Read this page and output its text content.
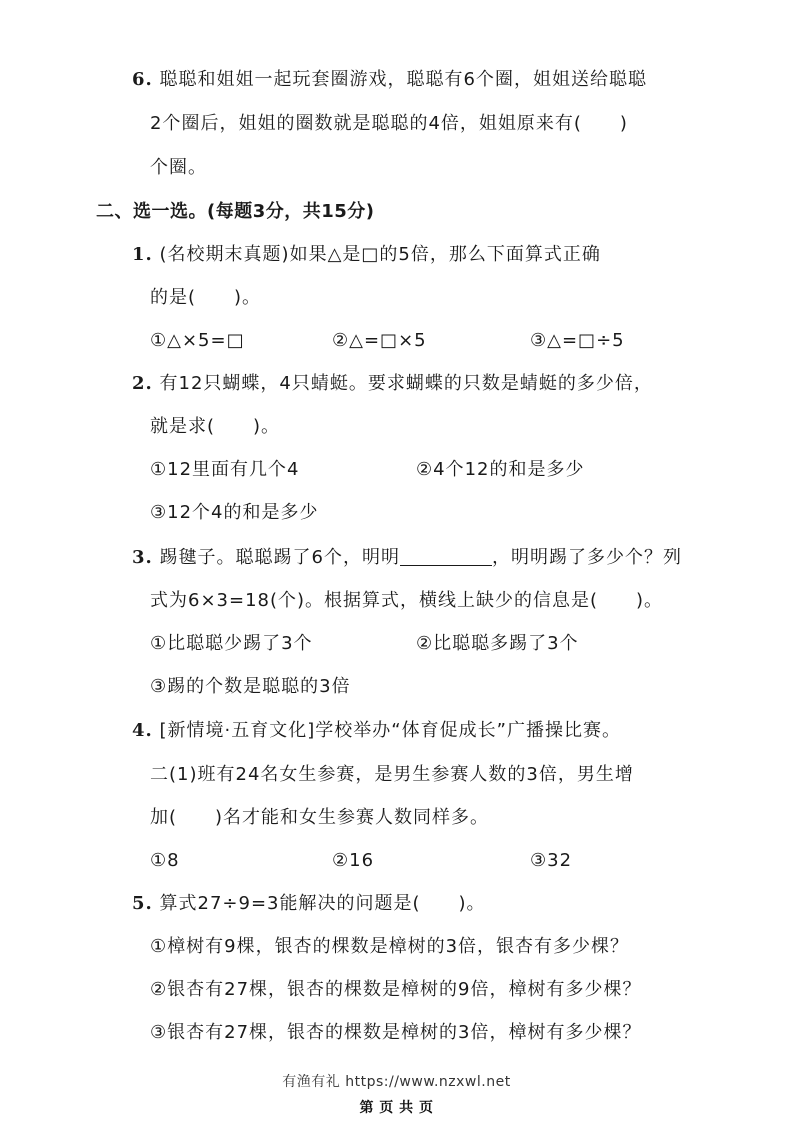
6. 聪聪和姐姐一起玩套圈游戏，聪聪有6个圈，姐姐送给聪聪
2个圈后，姐姐的圈数就是聪聪的4倍，姐姐原来有(　　)
个圈。
二、选一选。(每题3分，共15分)
1. (名校期末真题)如果△是□的5倍，那么下面算式正确
的是(　　)。
①△×5=□	②△=□×5	③△=□÷5
2. 有12只蝴蝶，4只蜻蜓。要求蝴蝶的只数是蜻蜓的多少倍，
就是求(　　)。
①12里面有几个4	②4个12的和是多少
③12个4的和是多少
3. 踢毽子。聪聪踢了6个，明明	，明明踢了多少个？列
式为6×3=18(个)。根据算式，横线上缺少的信息是(　　)。
①比聪聪少踢了3个	②比聪聪多踢了3个
③踢的个数是聪聪的3倍
4. [新情境·五育文化]学校举办“体育促成长”广播操比赛。
二(1)班有24名女生参赛，是男生参赛人数的3倍，男生增
加(　　)名才能和女生参赛人数同样多。
①8	②16	③32
5. 算式27÷9=3能解决的问题是(　　)。
①樟树有9棵，银杏的棵数是樟树的3倍，银杏有多少棵？
②银杏有27棵，银杏的棵数是樟树的9倍，樟树有多少棵？
③银杏有27棵，银杏的棵数是樟树的3倍，樟树有多少棵？
有渔有礼 https://www.nzxwl.net
第 页 共 页
